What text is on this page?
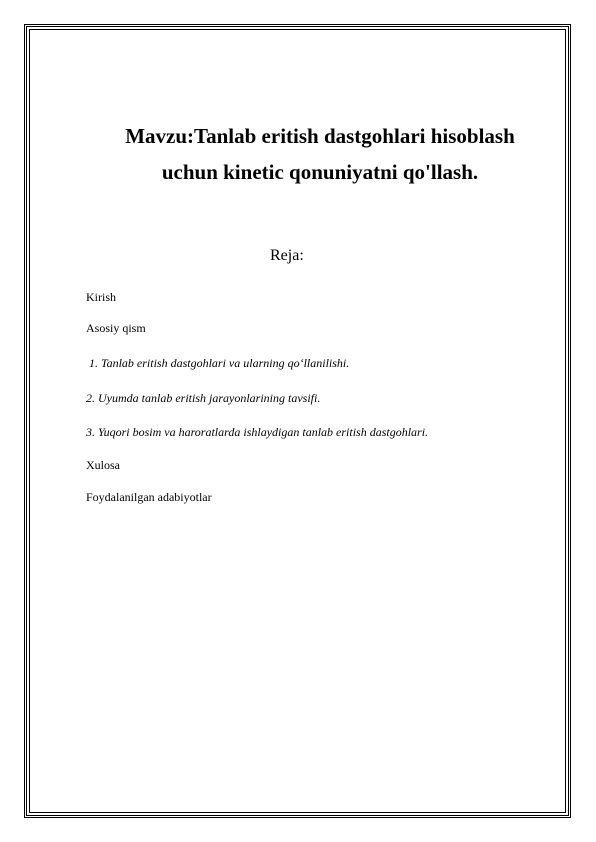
Mavzu:Tanlab eritish dastgohlari hisoblash
uchun kinetic qonuniyatni qo'llash.
Reja:
Kirish
Asosiy qism
1. Tanlab eritish dastgohlari va ularning qo‘llanilishi.
2. Uyumda tanlab eritish jarayonlarining tavsifi.
3. Yuqori bosim va haroratlarda ishlaydigan tanlab eritish dastgohlari.
Xulosa
Foydalanilgan adabiyotlar
